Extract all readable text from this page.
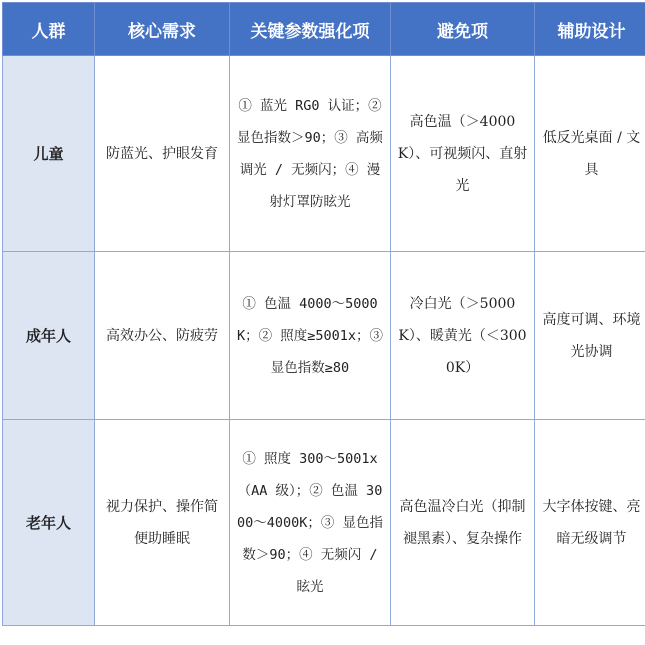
人群	核心需求	关键参数强化项	避免项	辅助设计
儿童	防蓝光、护眼发育	① 蓝光 RG0 认证；② 显色指数＞90；③ 高频调光 / 无频闪；④ 漫射灯罩防眩光	高色温（＞4000K）、可视频闪、直射光	低反光桌面 / 文具
成年人	高效办公、防疲劳	① 色温 4000～5000K；② 照度≥5001x；③ 显色指数≥80	冷白光（＞5000K）、暖黄光（＜3000K）	高度可调、环境光协调
老年人	视力保护、操作简便助睡眠	① 照度 300～5001x（AA 级）；② 色温 3000～4000K；③ 显色指数＞90；④ 无频闪 / 眩光	高色温冷白光（抑制褪黑素）、复杂操作	大字体按键、亮暗无级调节
